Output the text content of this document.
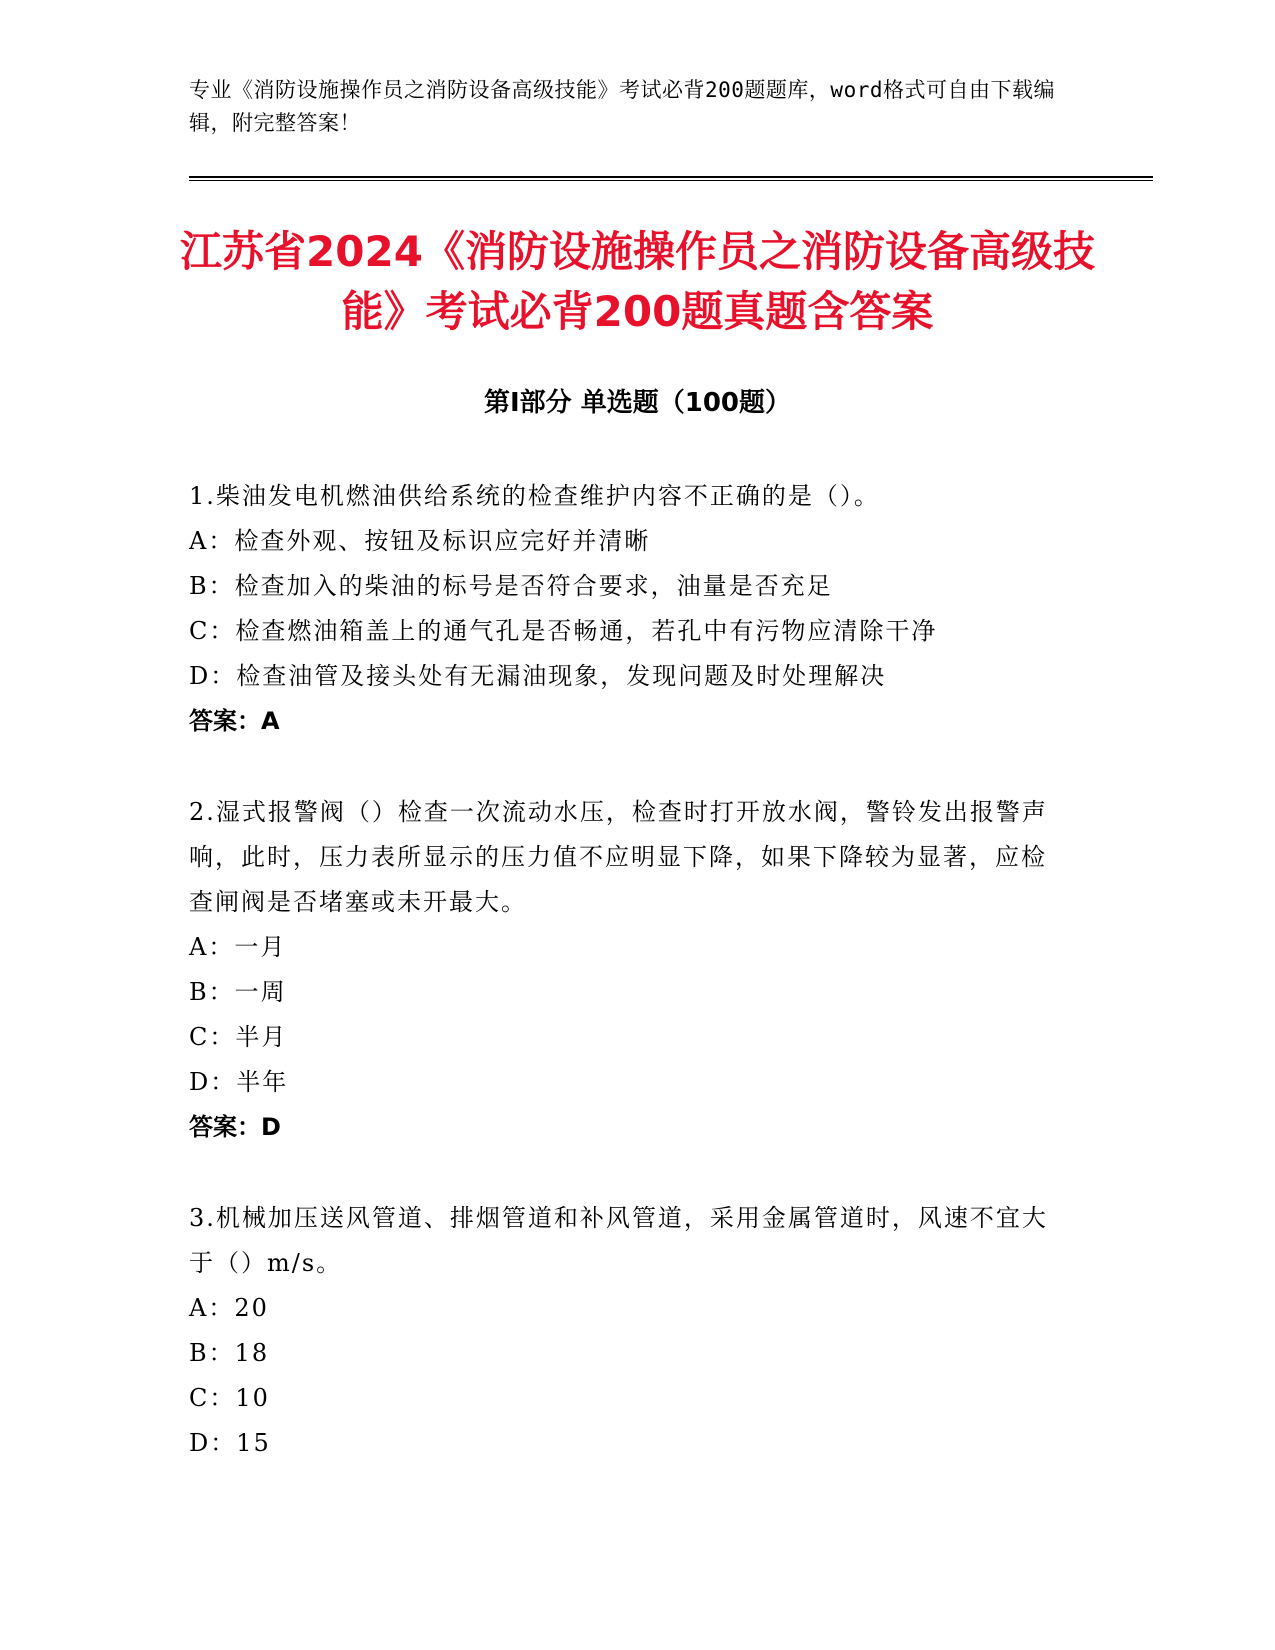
专业《消防设施操作员之消防设备高级技能》考试必背200题题库，word格式可自由下载编辑，附完整答案！
江苏省2024《消防设施操作员之消防设备高级技能》考试必背200题真题含答案
第I部分 单选题（100题）
1.柴油发电机燃油供给系统的检查维护内容不正确的是（）。
A：检查外观、按钮及标识应完好并清晰
B：检查加入的柴油的标号是否符合要求，油量是否充足
C：检查燃油箱盖上的通气孔是否畅通，若孔中有污物应清除干净
D：检查油管及接头处有无漏油现象，发现问题及时处理解决
答案：A
2.湿式报警阀（）检查一次流动水压，检查时打开放水阀，警铃发出报警声响，此时，压力表所显示的压力值不应明显下降，如果下降较为显著，应检查闸阀是否堵塞或未开最大。
A：一月
B：一周
C：半月
D：半年
答案：D
3.机械加压送风管道、排烟管道和补风管道，采用金属管道时，风速不宜大于（）m/s。
A：20
B：18
C：10
D：15
